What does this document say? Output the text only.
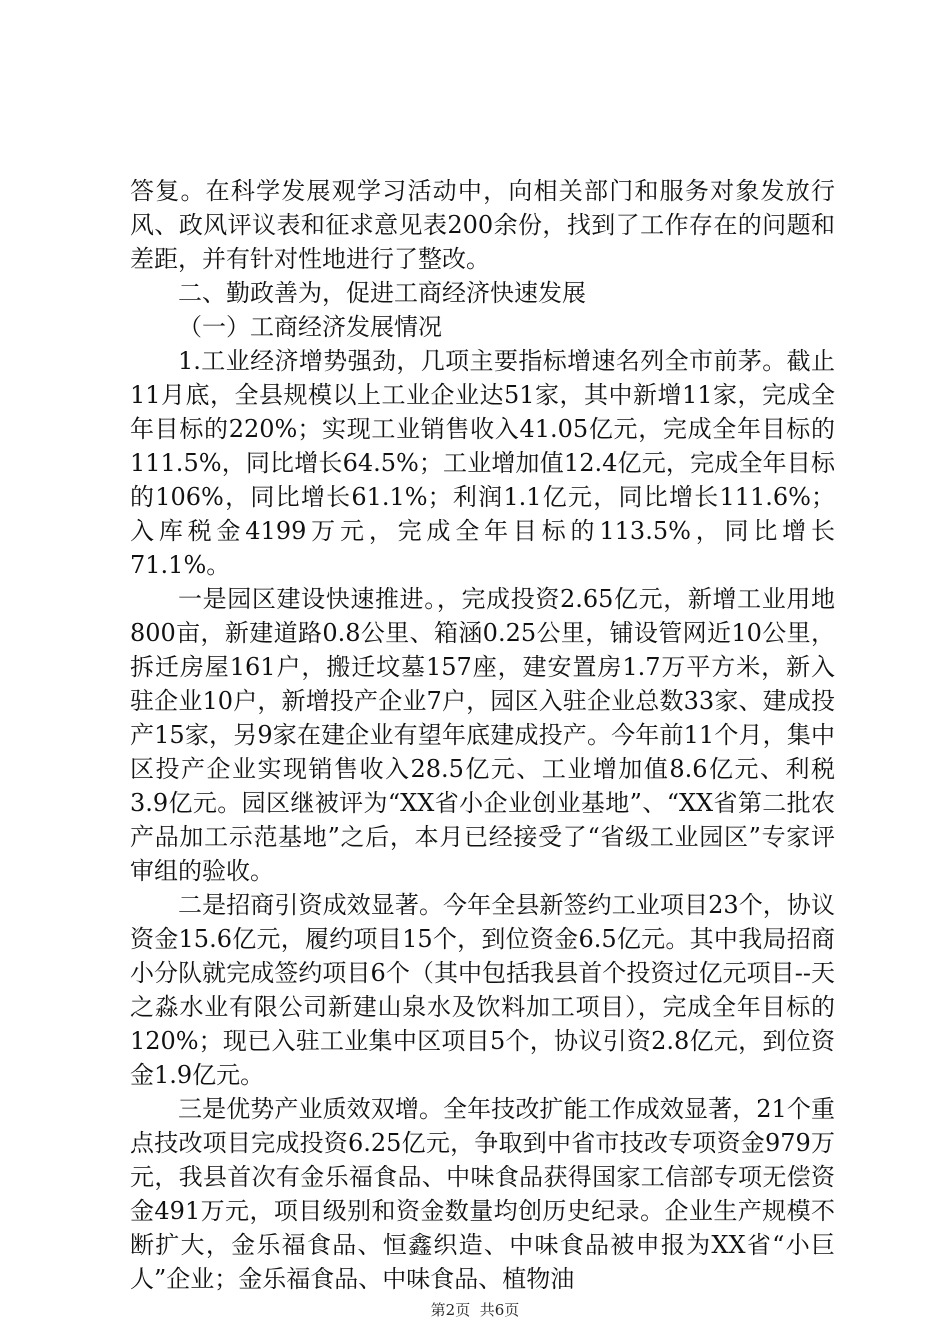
答复。在科学发展观学习活动中，向相关部门和服务对象发放行风、政风评议表和征求意见表200余份，找到了工作存在的问题和差距，并有针对性地进行了整改。

二、勤政善为，促进工商经济快速发展

（一）工商经济发展情况

1.工业经济增势强劲，几项主要指标增速名列全市前茅。截止11月底，全县规模以上工业企业达51家，其中新增11家，完成全年目标的220%；实现工业销售收入41.05亿元，完成全年目标的111.5%，同比增长64.5%；工业增加值12.4亿元，完成全年目标的106%，同比增长61.1%；利润1.1亿元，同比增长111.6%；入库税金4199万元，完成全年目标的113.5%，同比增长71.1%。

一是园区建设快速推进。，完成投资2.65亿元，新增工业用地800亩，新建道路0.8公里、箱涵0.25公里，铺设管网近10公里，拆迁房屋161户，搬迁坟墓157座，建安置房1.7万平方米，新入驻企业10户，新增投产企业7户，园区入驻企业总数33家、建成投产15家，另9家在建企业有望年底建成投产。今年前11个月，集中区投产企业实现销售收入28.5亿元、工业增加值8.6亿元、利税3.9亿元。园区继被评为“XX省小企业创业基地”、“XX省第二批农产品加工示范基地”之后，本月已经接受了“省级工业园区”专家评审组的验收。

二是招商引资成效显著。今年全县新签约工业项目23个，协议资金15.6亿元，履约项目15个，到位资金6.5亿元。其中我局招商小分队就完成签约项目6个（其中包括我县首个投资过亿元项目--天之淼水业有限公司新建山泉水及饮料加工项目），完成全年目标的120%；现已入驻工业集中区项目5个，协议引资2.8亿元，到位资金1.9亿元。

三是优势产业质效双增。全年技改扩能工作成效显著，21个重点技改项目完成投资6.25亿元，争取到中省市技改专项资金979万元，我县首次有金乐福食品、中味食品获得国家工信部专项无偿资金491万元，项目级别和资金数量均创历史纪录。企业生产规模不断扩大，金乐福食品、恒鑫织造、中味食品被申报为XX省“小巨人”企业；金乐福食品、中味食品、植物油

第2页 共6页
